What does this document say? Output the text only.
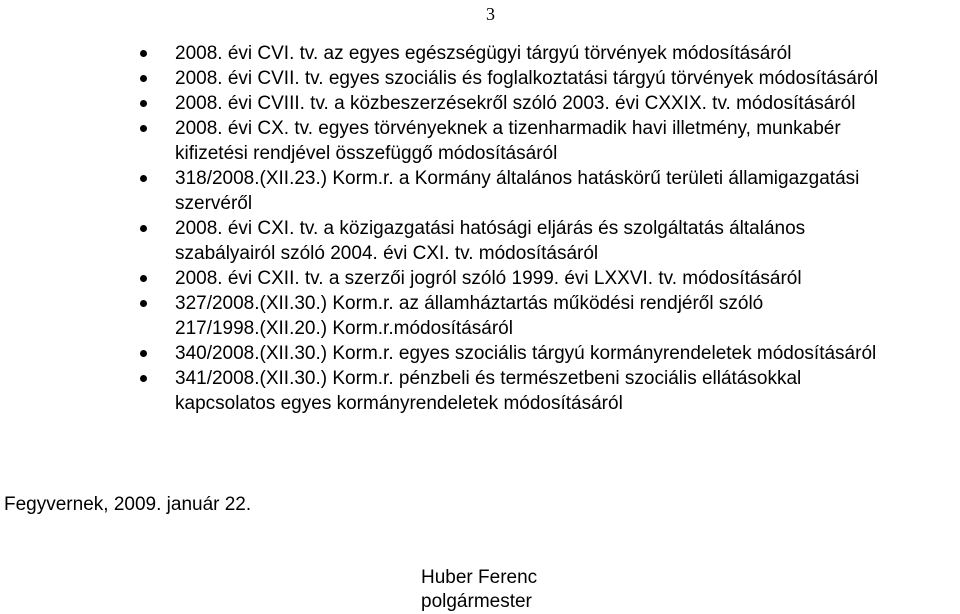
3
2008. évi CVI. tv. az egyes egészségügyi tárgyú törvények módosításáról
2008. évi CVII. tv. egyes szociális és foglalkoztatási tárgyú törvények módosításáról
2008. évi CVIII. tv. a közbeszerzésekről szóló 2003. évi CXXIX. tv. módosításáról
2008. évi CX. tv. egyes törvényeknek a tizenharmadik havi illetmény, munkabér
kifizetési rendjével összefüggő módosításáról
318/2008.(XII.23.) Korm.r. a Kormány általános hatáskörű területi államigazgatási
szervéről
2008. évi CXI. tv. a közigazgatási hatósági eljárás és szolgáltatás általános
szabályairól szóló 2004. évi CXI. tv. módosításáról
2008. évi CXII. tv. a szerzői jogról szóló 1999. évi LXXVI. tv. módosításáról
327/2008.(XII.30.) Korm.r. az államháztartás működési rendjéről szóló
217/1998.(XII.20.) Korm.r.módosításáról
340/2008.(XII.30.) Korm.r. egyes szociális tárgyú kormányrendeletek módosításáról
341/2008.(XII.30.) Korm.r. pénzbeli és természetbeni szociális ellátásokkal
kapcsolatos egyes kormányrendeletek módosításáról
Fegyvernek, 2009. január 22.
Huber Ferenc
polgármester
